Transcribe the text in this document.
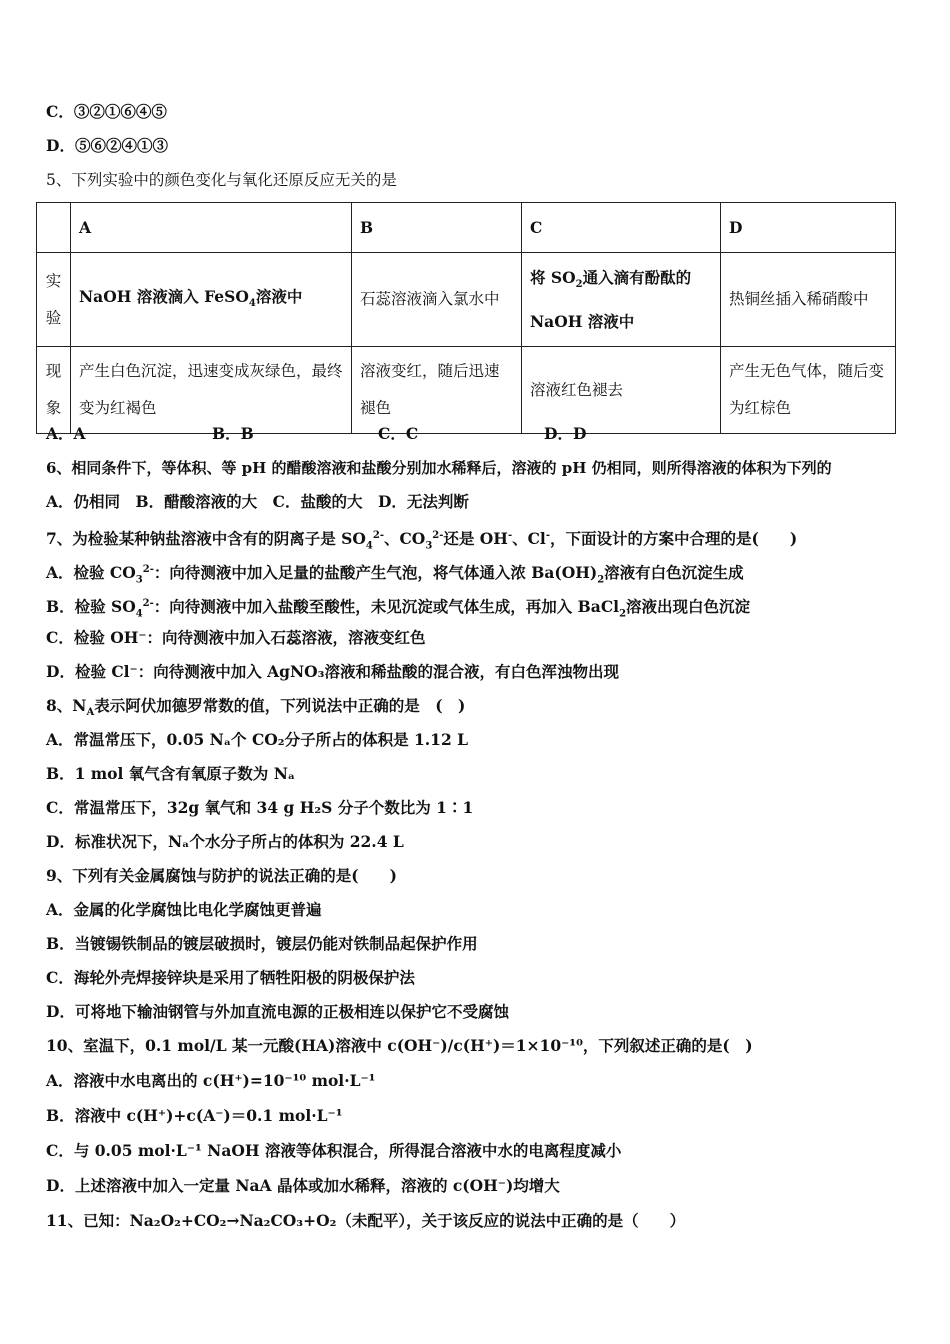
C．③②①⑥④⑤
D．⑤⑥②④①③
5、下列实验中的颜色变化与氧化还原反应无关的是
	A	B	C	D
实验	NaOH 溶液滴入 FeSO$_4$溶液中	石蕊溶液滴入氯水中	将 $SO_2$通入滴有酚酞的 NaOH 溶液中	热铜丝插入稀硝酸中
现象	产生白色沉淀，迅速变成灰绿色，最终变为红褐色	溶液变红，随后迅速褪色	溶液红色褪去	产生无色气体，随后变为红棕色
A．A	B．B	C．C	D．D
6、相同条件下，等体积、等 pH 的醋酸溶液和盐酸分别加水稀释后，溶液的 pH 仍相同，则所得溶液的体积为下列的
A．仍相同　B．醋酸溶液的大　C．盐酸的大　D．无法判断
7、为检验某种钠盐溶液中含有的阴离子是 $SO_4^{2-}$、$CO_3^{2-}$还是 OH-、Cl-，下面设计的方案中合理的是(　　)
A．检验 $CO_3^{2-}$：向待测液中加入足量的盐酸产生气泡，将气体通入浓 $Ba(OH)_2$溶液有白色沉淀生成
B．检验 $SO_4^{2-}$：向待测液中加入盐酸至酸性，未见沉淀或气体生成，再加入 BaCl$_2$溶液出现白色沉淀
C．检验 OH⁻：向待测液中加入石蕊溶液，溶液变红色
D．检验 Cl⁻：向待测液中加入 AgNO₃溶液和稀盐酸的混合液，有白色浑浊物出现
8、$N_A$表示阿伏加德罗常数的值，下列说法中正确的是　(　)
A．常温常压下，0.05 Nₐ个 CO₂分子所占的体积是 1.12 L
B．1 mol 氧气含有氧原子数为 Nₐ
C．常温常压下，32g 氧气和 34 g H₂S 分子个数比为 1∶1
D．标准状况下，Nₐ个水分子所占的体积为 22.4 L
9、下列有关金属腐蚀与防护的说法正确的是(　　)
A．金属的化学腐蚀比电化学腐蚀更普遍
B．当镀锡铁制品的镀层破损时，镀层仍能对铁制品起保护作用
C．海轮外壳焊接锌块是采用了牺牲阳极的阴极保护法
D．可将地下输油钢管与外加直流电源的正极相连以保护它不受腐蚀
10、室温下，0.1 mol/L 某一元酸(HA)溶液中 c(OH⁻)/c(H⁺)＝1×10⁻¹⁰，下列叙述正确的是(　)
A．溶液中水电离出的 c(H⁺)=10⁻¹⁰ mol·L⁻¹
B．溶液中 c(H⁺)+c(A⁻)＝0.1 mol·L⁻¹
C．与 0.05 mol·L⁻¹ NaOH 溶液等体积混合，所得混合溶液中水的电离程度减小
D．上述溶液中加入一定量 NaA 晶体或加水稀释，溶液的 c(OH⁻)均增大
11、已知：Na₂O₂+CO₂→Na₂CO₃+O₂（未配平），关于该反应的说法中正确的是（　　）
